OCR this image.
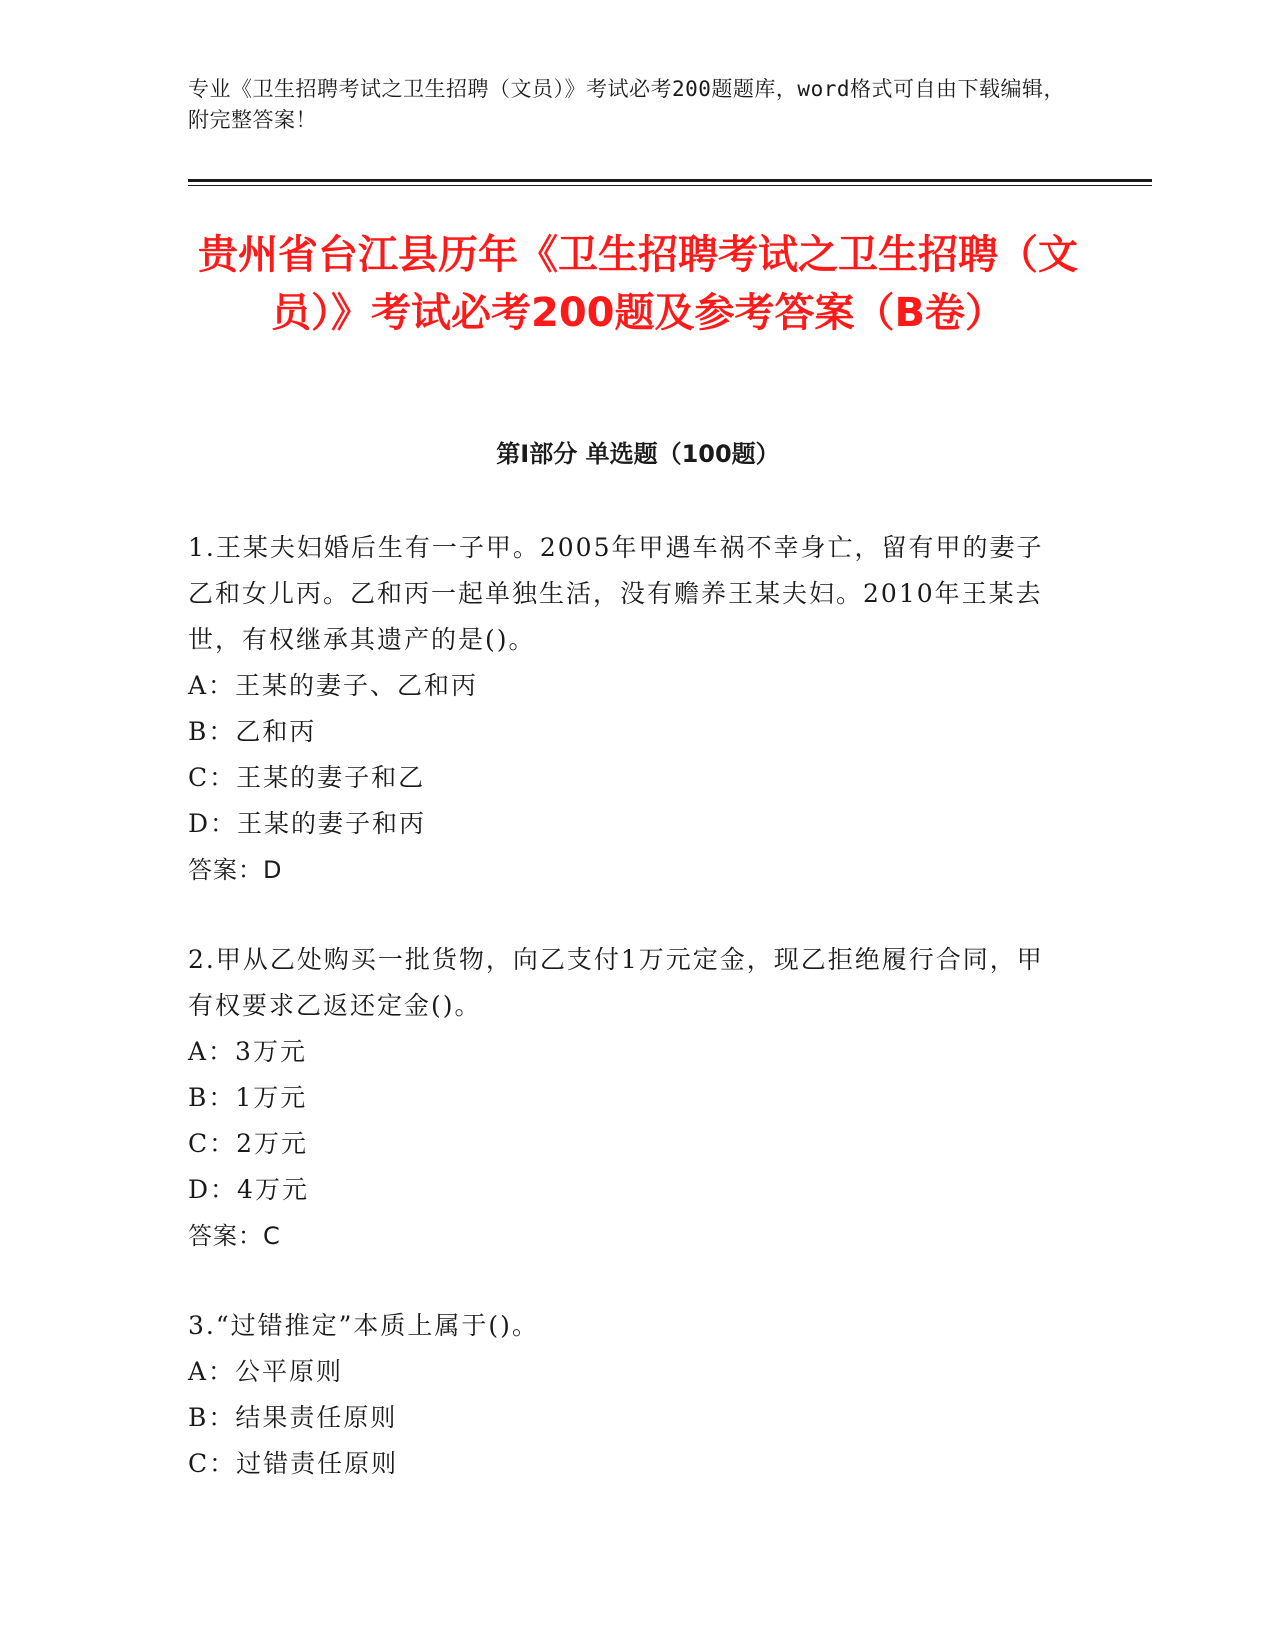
专业《卫生招聘考试之卫生招聘（文员）》考试必考200题题库，word格式可自由下载编辑，附完整答案！
贵州省台江县历年《卫生招聘考试之卫生招聘（文员）》考试必考200题及参考答案（B卷）
第Ⅰ部分 单选题（100题）
1.王某夫妇婚后生有一子甲。2005年甲遇车祸不幸身亡，留有甲的妻子乙和女儿丙。乙和丙一起单独生活，没有赡养王某夫妇。2010年王某去世，有权继承其遗产的是()。
A：王某的妻子、乙和丙
B：乙和丙
C：王某的妻子和乙
D：王某的妻子和丙
答案：D
2.甲从乙处购买一批货物，向乙支付1万元定金，现乙拒绝履行合同，甲有权要求乙返还定金()。
A：3万元
B：1万元
C：2万元
D：4万元
答案：C
3.“过错推定”本质上属于()。
A：公平原则
B：结果责任原则
C：过错责任原则
